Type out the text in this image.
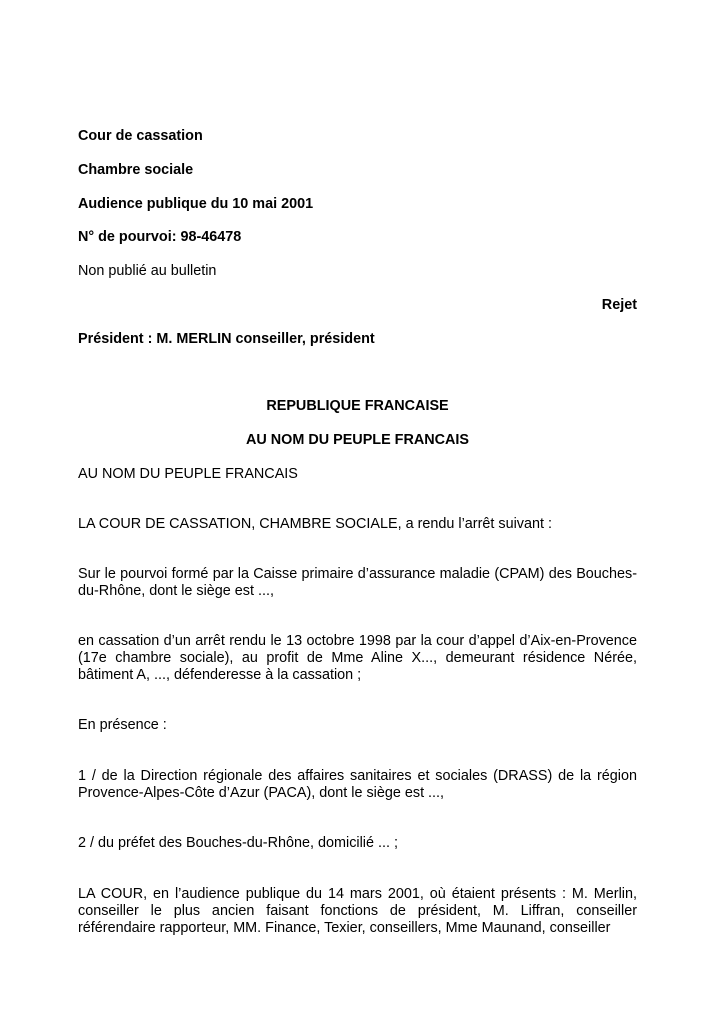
Cour de cassation
Chambre sociale
Audience publique du 10 mai 2001
N° de pourvoi: 98-46478
Non publié au bulletin
Rejet
Président : M. MERLIN conseiller, président
REPUBLIQUE FRANCAISE
AU NOM DU PEUPLE FRANCAIS
AU NOM DU PEUPLE FRANCAIS
LA COUR DE CASSATION, CHAMBRE SOCIALE, a rendu l’arrêt suivant :
Sur le pourvoi formé par la Caisse primaire d’assurance maladie (CPAM) des Bouches-du-Rhône, dont le siège est ...,
en cassation d’un arrêt rendu le 13 octobre 1998 par la cour d’appel d’Aix-en-Provence (17e chambre sociale), au profit de Mme Aline X..., demeurant résidence Nérée, bâtiment A, ..., défenderesse à la cassation ;
En présence :
1 / de la Direction régionale des affaires sanitaires et sociales (DRASS) de la région Provence-Alpes-Côte d’Azur (PACA), dont le siège est ...,
2 / du préfet des Bouches-du-Rhône, domicilié ... ;
LA COUR, en l’audience publique du 14 mars 2001, où étaient présents : M. Merlin, conseiller le plus ancien faisant fonctions de président, M. Liffran, conseiller référendaire rapporteur, MM. Finance, Texier, conseillers, Mme Maunand, conseiller
